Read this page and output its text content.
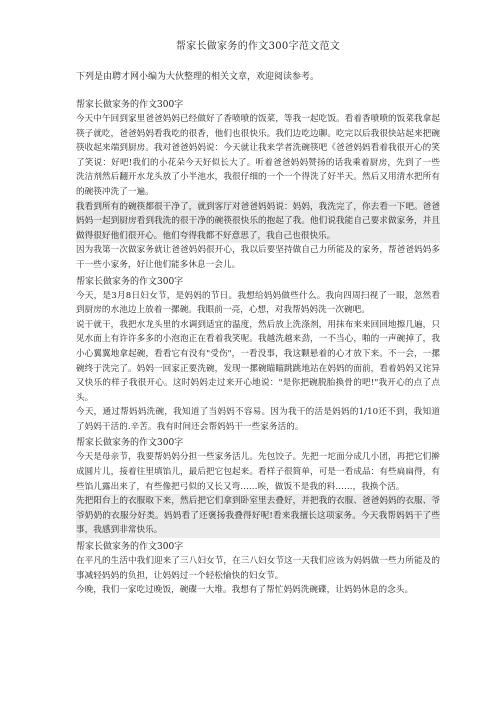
帮家长做家务的作文300字范文范文
下列是由聘才网小编为大伙整理的相关文章，欢迎阅读参考。
帮家长做家务的作文300字
今天中午回到家里爸爸妈妈已经做好了香喷喷的饭菜，等我一起吃饭。看着香喷喷的饭菜我拿起筷子就吃，爸爸妈妈看我吃的很香，他们也很快乐。我们边吃边聊。吃完以后我很快站起来把碗筷收起来端到厨房。我对爸爸妈妈说：今天就让我来学者洗碗筷吧《爸爸妈妈看着我很开心的笑了笑说：好吧!我们的小花朵今天好似长大了。听着爸爸妈妈赞扬的话我乘着厨房，先到了一些洗洁剂然后翻开水龙头放了小半池水，我很仔细的一个一个得洗了好半天。然后又用清水把所有的碗筷冲洗了一遍。
我看到所有的碗筷都很干净了，就到客厅对爸爸妈妈说：妈妈，我洗完了，你去看一下吧。爸爸妈妈一起到厨房看到我洗的很干净的碗筷很快乐的抱起了我。他们说我能自己要求做家务，并且做得很好他们很开心。他们夸得我都不好意思了，我自己也很快乐。
因为我第一次做家务就让爸爸妈妈很开心，我以后要坚持做自己力所能及的家务，帮爸爸妈妈多干一些小家务，好让他们能多休息一会儿。
帮家长做家务的作文300字
今天，是3月8日妇女节，是妈妈的节日。我想给妈妈做些什么。我向四周扫视了一眼，忽然看到厨房的水池边上放着一摞碗。我眼前一亮，心想，对我帮妈妈洗一次碗吧。
说干就干，我把水龙头里的水调到适宜的温度，然后放上洗涤剂，用抹布来来回回地擦几遍，只见水面上有许许多多的小泡泡正在看着我笑呢。我越洗越来劲，一不当心，啪的一声碗掉了，我小心翼翼地拿起碗，看看它有没有"受伤"，一看没事，我这颗悬着的心才放下来。不一会，一摞碗终于洗完了。妈妈一回家正要洗碗，发现一摞碗瞄瞄跳跳地站在妈妈的面前，看着妈妈又诧异又快乐的样子我很开心。这时妈妈走过来开心地说："是你把碗脱胎换骨的吧!"我开心的点了点头。
今天，通过帮妈妈洗碗，我知道了当妈妈不容易。因为我干的活是妈妈的1/10还不到，我知道了妈妈干活的.辛苦。我有时间还会帮妈妈干一些家务活的。
帮家长做家务的作文300字
今天是母亲节，我要帮妈妈分担一些家务活儿。先包饺子。先把一坨面分成几小团，再把它们擀成圆片儿，接着往里填馅儿，最后把它包起来。看样子很简单，可是一看成品：有些扁扁得，有些馅儿露出来了，有些像把弓似的又长又弯……唉，做饭不是我的料……，我换个活。
先把阳台上的衣服取下来，然后把它们拿到卧室里去叠好，并把我的衣服、爸爸妈妈的衣服、爷爷奶奶的衣服分好类。妈妈看了还褒扬我叠得好呢!看来我擅长这项家务。今天我帮妈妈干了些事，我感到非常快乐。
帮家长做家务的作文300字
在平凡的生活中我们迎来了三八妇女节，在三八妇女节这一天我们应该为妈妈做一些力所能及的事减轻妈妈的负担，让妈妈过一个轻松愉快的妇女节。
今晚，我们一家吃过晚饭，碗碟一大堆。我想有了帮忙妈妈洗碗碟，让妈妈休息的念头。
